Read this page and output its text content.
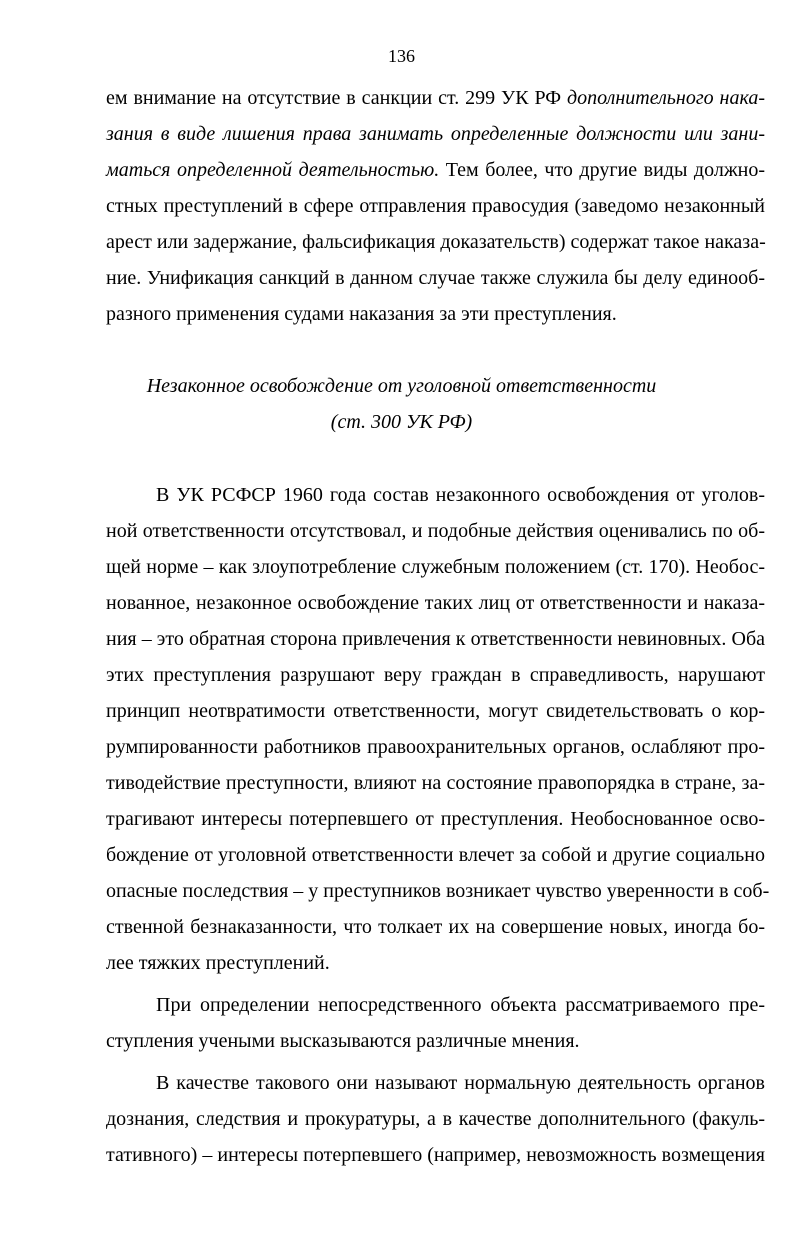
136
ем внимание на отсутствие в санкции ст. 299 УК РФ дополнительного нака-
зания в виде лишения права занимать определенные должности или зани-
маться определенной деятельностью. Тем более, что другие виды должно-
стных преступлений в сфере отправления правосудия (заведомо незаконный
арест или задержание, фальсификация доказательств) содержат такое наказа-
ние. Унификация санкций в данном случае также служила бы делу единооб-
разного применения судами наказания за эти преступления.
Незаконное освобождение от уголовной ответственности
(ст. 300 УК РФ)
В УК РСФСР 1960 года состав незаконного освобождения от уголов-
ной ответственности отсутствовал, и подобные действия оценивались по об-
щей норме – как злоупотребление служебным положением (ст. 170). Необос-
нованное, незаконное освобождение таких лиц от ответственности и наказа-
ния – это обратная сторона привлечения к ответственности невиновных. Оба
этих преступления разрушают веру граждан в справедливость, нарушают
принцип неотвратимости ответственности, могут свидетельствовать о кор-
румпированности работников правоохранительных органов, ослабляют про-
тиводействие преступности, влияют на состояние правопорядка в стране, за-
трагивают интересы потерпевшего от преступления. Необоснованное осво-
бождение от уголовной ответственности влечет за собой и другие социально
опасные последствия – у преступников возникает чувство уверенности в соб-
ственной безнаказанности, что толкает их на совершение новых, иногда бо-
лее тяжких преступлений.
При определении непосредственного объекта рассматриваемого пре-
ступления учеными высказываются различные мнения.
В качестве такового они называют нормальную деятельность органов
дознания, следствия и прокуратуры, а в качестве дополнительного (факуль-
тативного) – интересы потерпевшего (например, невозможность возмещения
